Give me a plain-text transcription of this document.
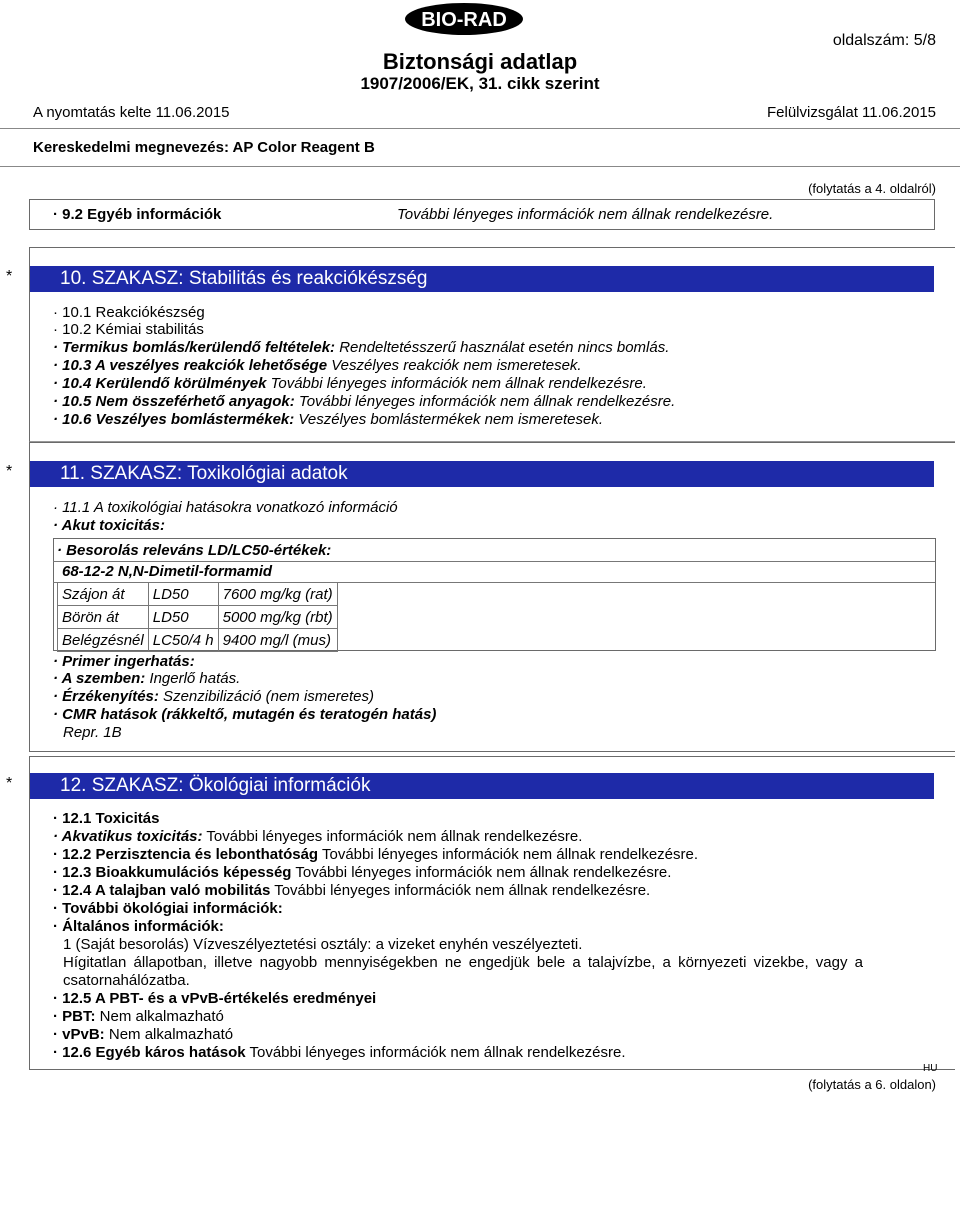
BIO-RAD
oldalszám: 5/8
Biztonsági adatlap
1907/2006/EK, 31. cikk szerint
A nyomtatás kelte 11.06.2015	Felülvizsgálat 11.06.2015
Kereskedelmi megnevezés: AP Color Reagent B
(folytatás a 4. oldalról)
· 9.2 Egyéb információk	További lényeges információk nem állnak rendelkezésre.
*	10. SZAKASZ: Stabilitás és reakciókészség
· 10.1 Reakciókészség
· 10.2 Kémiai stabilitás
· Termikus bomlás/kerülendő feltételek: Rendeltetésszerű használat esetén nincs bomlás.
· 10.3 A veszélyes reakciók lehetősége Veszélyes reakciók nem ismeretesek.
· 10.4 Kerülendő körülmények További lényeges információk nem állnak rendelkezésre.
· 10.5 Nem összeférhető anyagok: További lényeges információk nem állnak rendelkezésre.
· 10.6 Veszélyes bomlástermékek: Veszélyes bomlástermékek nem ismeretesek.
*	11. SZAKASZ: Toxikológiai adatok
· 11.1 A toxikológiai hatásokra vonatkozó információ
· Akut toxicitás:
· Besorolás releváns LD/LC50-értékek:
68-12-2 N,N-Dimetil-formamid
Szájon át	LD50	7600 mg/kg (rat)
Börön át	LD50	5000 mg/kg (rbt)
Belégzésnél	LC50/4 h	9400 mg/l (mus)
· Primer ingerhatás:
· A szemben: Ingerlő hatás.
· Érzékenyítés: Szenzibilizáció (nem ismeretes)
· CMR hatások (rákkeltő, mutagén és teratogén hatás)
Repr. 1B
*	12. SZAKASZ: Ökológiai információk
· 12.1 Toxicitás
· Akvatikus toxicitás: További lényeges információk nem állnak rendelkezésre.
· 12.2 Perzisztencia és lebonthatóság További lényeges információk nem állnak rendelkezésre.
· 12.3 Bioakkumulációs képesség További lényeges információk nem állnak rendelkezésre.
· 12.4 A talajban való mobilitás További lényeges információk nem állnak rendelkezésre.
· További ökológiai információk:
· Általános információk:
1 (Saját besorolás) Vízveszélyeztetési osztály: a vizeket enyhén veszélyezteti.
Hígitatlan állapotban, illetve nagyobb mennyiségekben ne engedjük bele a talajvízbe, a környezeti vizekbe, vagy a
csatornahálózatba.
· 12.5 A PBT- és a vPvB-értékelés eredményei
· PBT: Nem alkalmazható
· vPvB: Nem alkalmazható
· 12.6 Egyéb káros hatások További lényeges információk nem állnak rendelkezésre.
HU
(folytatás a 6. oldalon)
